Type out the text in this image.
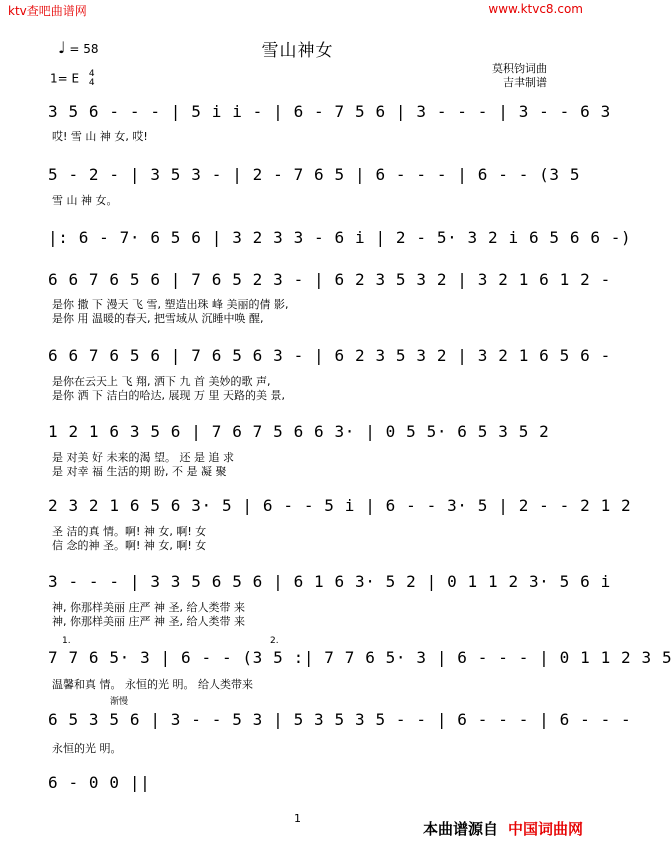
ktv查吧曲谱网	www.ktvc8.com
♩ = 58	雪山神女
1= E 4
4
莫积钧词曲
吉聿制谱
3 5 6 - - - | 5 i i - | 6 - 7 5 6 | 3 - - - | 3 - - 6 3
哎! 雪 山 神 女, 哎!
5 - 2 - | 3 5 3 - | 2 - 7 6 5 | 6 - - - | 6 - - (3 5
雪 山 神 女。
|: 6 - 7· 6 5 6 | 3 2 3 3 - 6 i | 2 - 5· 3 2 i 6 5 6 6 -)
6 6 7 6 5 6 | 7 6 5 2 3 - | 6 2 3 5 3 2 | 3 2 1 6 1 2 -
是你 撒 下 漫天 飞 雪, 塑造出珠 峰 美丽的倩 影,
是你 用 温暖的春天, 把雪域从 沉睡中唤 醒,
6 6 7 6 5 6 | 7 6 5 6 3 - | 6 2 3 5 3 2 | 3 2 1 6 5 6 -
是你在云天上 飞 翔, 洒下 九 首 美妙的歌 声,
是你 洒 下 洁白的哈达, 展现 万 里 天路的美 景,
1 2 1 6 3 5 6 | 7 6 7 5 6 6 3· | 0 5 5· 6 5 3 5 2
是 对美 好 未来的渴 望。 还 是 追 求
是 对幸 福 生活的期 盼, 不 是 凝 聚
2 3 2 1 6 5 6 3· 5 | 6 - - 5 i | 6 - - 3· 5 | 2 - - 2 1 2
圣 洁的真 情。啊! 神 女, 啊! 女
信 念的神 圣。啊! 神 女, 啊! 女
3 - - - | 3 3 5 6 5 6 | 6 1 6 3· 5 2 | 0 1 1 2 3· 5 6 i
神, 你那样美丽 庄严 神 圣, 给人类带 来
神, 你那样美丽 庄严 神 圣, 给人类带 来
1.	2.
7 7 6 5· 3 | 6 - - (3 5 :| 7 7 6 5· 3 | 6 - - - | 0 1 1 2 3 5
温馨和真 情。 永恒的光 明。 给人类带来
渐慢
6 5 3 5 6 | 3 - - 5 3 | 5 3 5 3 5 - - | 6 - - - | 6 - - -
永恒的光 明。
6 - 0 0 ||
1
本曲谱源自 中国词曲网
